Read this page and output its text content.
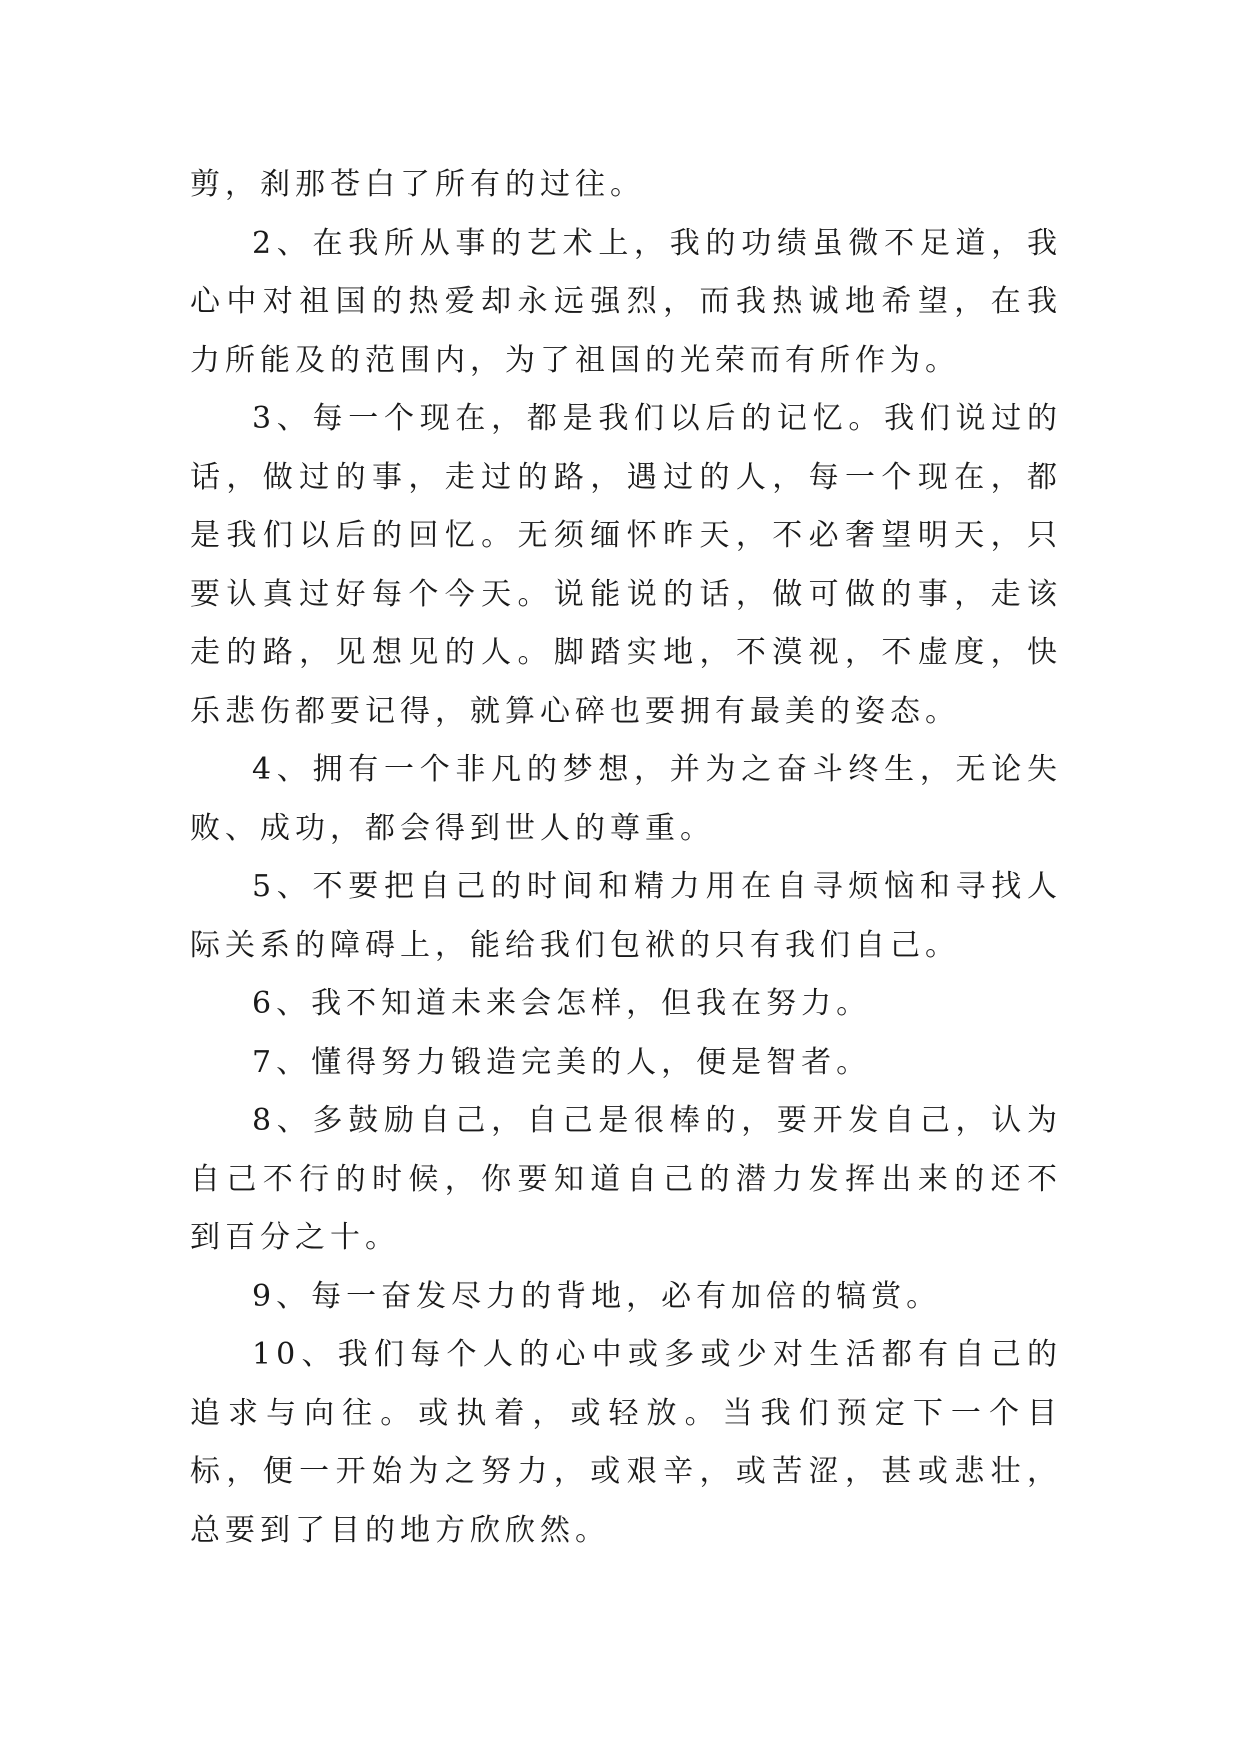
剪，刹那苍白了所有的过往。

2、在我所从事的艺术上，我的功绩虽微不足道，我心中对祖国的热爱却永远强烈，而我热诚地希望，在我力所能及的范围内，为了祖国的光荣而有所作为。

3、每一个现在，都是我们以后的记忆。我们说过的话，做过的事，走过的路，遇过的人，每一个现在，都是我们以后的回忆。无须缅怀昨天，不必奢望明天，只要认真过好每个今天。说能说的话，做可做的事，走该走的路，见想见的人。脚踏实地，不漠视，不虚度，快乐悲伤都要记得，就算心碎也要拥有最美的姿态。

4、拥有一个非凡的梦想，并为之奋斗终生，无论失败、成功，都会得到世人的尊重。

5、不要把自己的时间和精力用在自寻烦恼和寻找人际关系的障碍上，能给我们包袱的只有我们自己。

6、我不知道未来会怎样，但我在努力。

7、懂得努力锻造完美的人，便是智者。

8、多鼓励自己，自己是很棒的，要开发自己，认为自己不行的时候，你要知道自己的潜力发挥出来的还不到百分之十。

9、每一奋发尽力的背地，必有加倍的犒赏。

10、我们每个人的心中或多或少对生活都有自己的追求与向往。或执着，或轻放。当我们预定下一个目标，便一开始为之努力，或艰辛，或苦涩，甚或悲壮，总要到了目的地方欣欣然。
